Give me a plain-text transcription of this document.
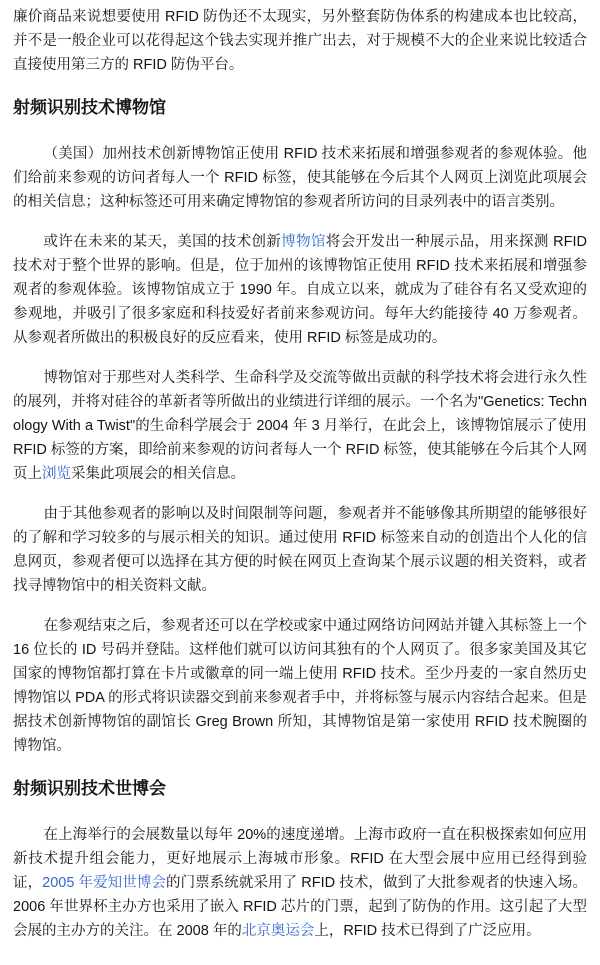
廉价商品来说想要使用 RFID 防伪还不太现实，另外整套防伪体系的构建成本也比较高，并不是一般企业可以花得起这个钱去实现并推广出去，对于规模不大的企业来说比较适合直接使用第三方的 RFID 防伪平台。

射频识别技术博物馆

（美国）加州技术创新博物馆正使用 RFID 技术来拓展和增强参观者的参观体验。他们给前来参观的访问者每人一个 RFID 标签，使其能够在今后其个人网页上浏览此项展会的相关信息；这种标签还可用来确定博物馆的参观者所访问的目录列表中的语言类别。

或许在未来的某天，美国的技术创新博物馆将会开发出一种展示品，用来探测 RFID 技术对于整个世界的影响。但是，位于加州的该博物馆正使用 RFID 技术来拓展和增强参观者的参观体验。该博物馆成立于 1990 年。自成立以来，就成为了硅谷有名又受欢迎的参观地，并吸引了很多家庭和科技爱好者前来参观访问。每年大约能接待 40 万参观者。从参观者所做出的积极良好的反应看来，使用 RFID 标签是成功的。

博物馆对于那些对人类科学、生命科学及交流等做出贡献的科学技术将会进行永久性的展列，并将对硅谷的革新者等所做出的业绩进行详细的展示。一个名为"Genetics: Technology With a Twist"的生命科学展会于 2004 年 3 月举行，在此会上，该博物馆展示了使用 RFID 标签的方案，即给前来参观的访问者每人一个 RFID 标签，使其能够在今后其个人网页上浏览采集此项展会的相关信息。

由于其他参观者的影响以及时间限制等问题，参观者并不能够像其所期望的能够很好的了解和学习较多的与展示相关的知识。通过使用 RFID 标签来自动的创造出个人化的信息网页，参观者便可以选择在其方便的时候在网页上查询某个展示议题的相关资料，或者找寻博物馆中的相关资料文献。

在参观结束之后，参观者还可以在学校或家中通过网络访问网站并键入其标签上一个 16 位长的 ID 号码并登陆。这样他们就可以访问其独有的个人网页了。很多家美国及其它国家的博物馆都打算在卡片或徽章的同一端上使用 RFID 技术。至少丹麦的一家自然历史博物馆以 PDA 的形式将识读器交到前来参观者手中，并将标签与展示内容结合起来。但是据技术创新博物馆的副馆长 Greg Brown 所知，其博物馆是第一家使用 RFID 技术腕圈的博物馆。

射频识别技术世博会

在上海举行的会展数量以每年 20%的速度递增。上海市政府一直在积极探索如何应用新技术提升组会能力，更好地展示上海城市形象。RFID 在大型会展中应用已经得到验证，2005 年爱知世博会的门票系统就采用了 RFID 技术，做到了大批参观者的快速入场。2006 年世界杯主办方也采用了嵌入 RFID 芯片的门票，起到了防伪的作用。这引起了大型会展的主办方的关注。在 2008 年的北京奥运会上，RFID 技术已得到了广泛应用。
